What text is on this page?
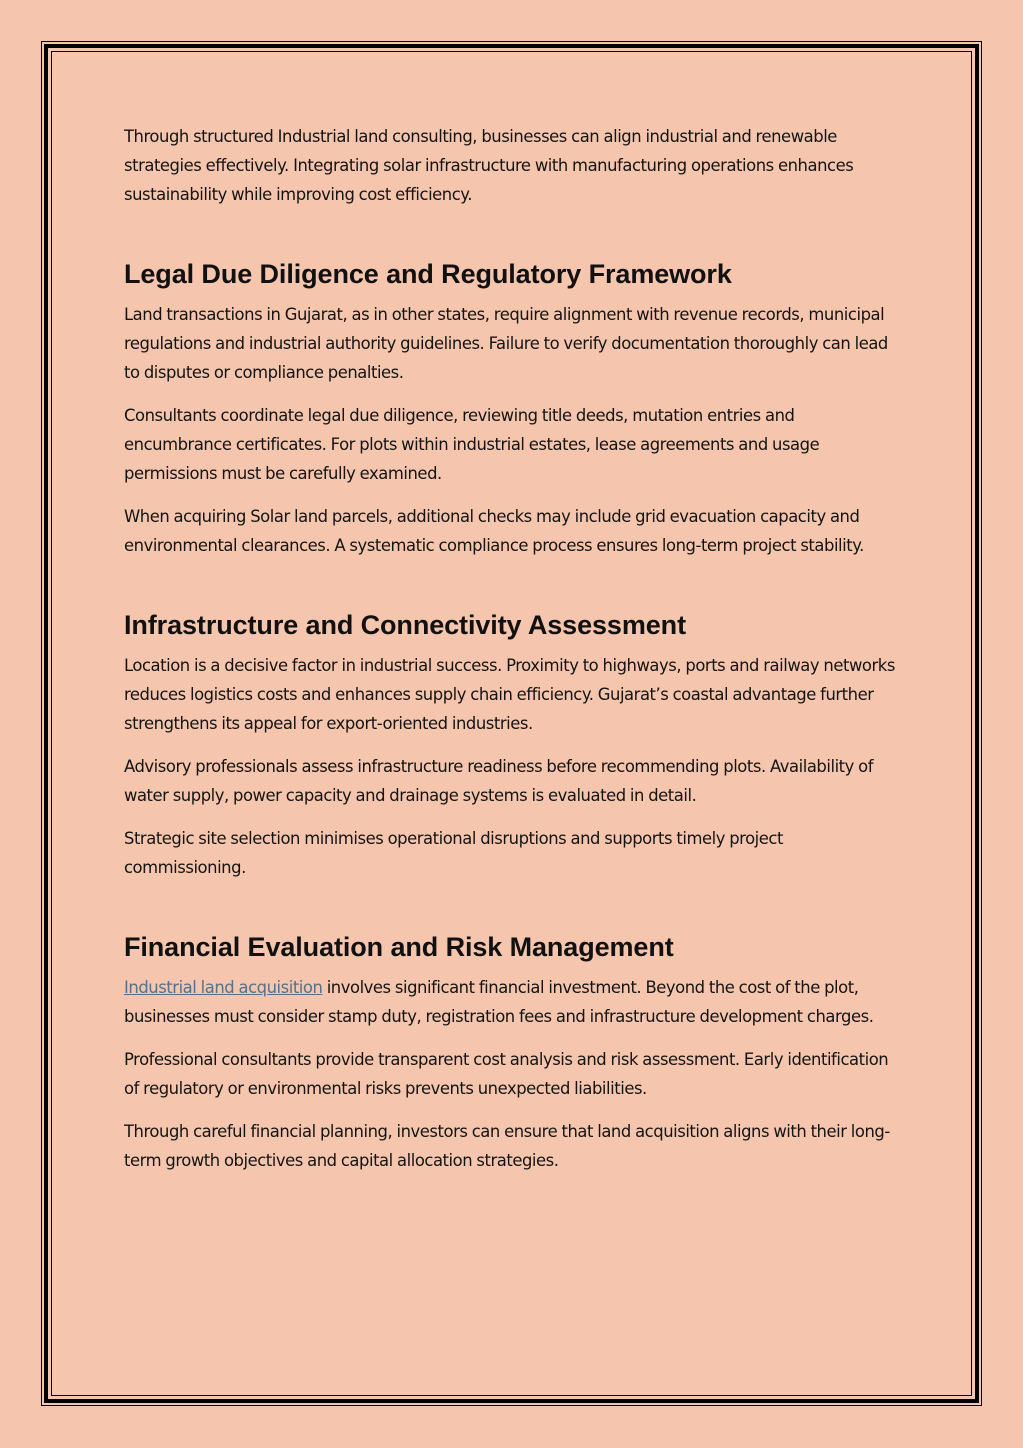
Through structured Industrial land consulting, businesses can align industrial and renewable strategies effectively. Integrating solar infrastructure with manufacturing operations enhances sustainability while improving cost efficiency.

Legal Due Diligence and Regulatory Framework

Land transactions in Gujarat, as in other states, require alignment with revenue records, municipal regulations and industrial authority guidelines. Failure to verify documentation thoroughly can lead to disputes or compliance penalties.

Consultants coordinate legal due diligence, reviewing title deeds, mutation entries and encumbrance certificates. For plots within industrial estates, lease agreements and usage permissions must be carefully examined.

When acquiring Solar land parcels, additional checks may include grid evacuation capacity and environmental clearances. A systematic compliance process ensures long-term project stability.

Infrastructure and Connectivity Assessment

Location is a decisive factor in industrial success. Proximity to highways, ports and railway networks reduces logistics costs and enhances supply chain efficiency. Gujarat’s coastal advantage further strengthens its appeal for export-oriented industries.

Advisory professionals assess infrastructure readiness before recommending plots. Availability of water supply, power capacity and drainage systems is evaluated in detail.

Strategic site selection minimises operational disruptions and supports timely project commissioning.

Financial Evaluation and Risk Management

Industrial land acquisition involves significant financial investment. Beyond the cost of the plot, businesses must consider stamp duty, registration fees and infrastructure development charges.

Professional consultants provide transparent cost analysis and risk assessment. Early identification of regulatory or environmental risks prevents unexpected liabilities.

Through careful financial planning, investors can ensure that land acquisition aligns with their long-term growth objectives and capital allocation strategies.
